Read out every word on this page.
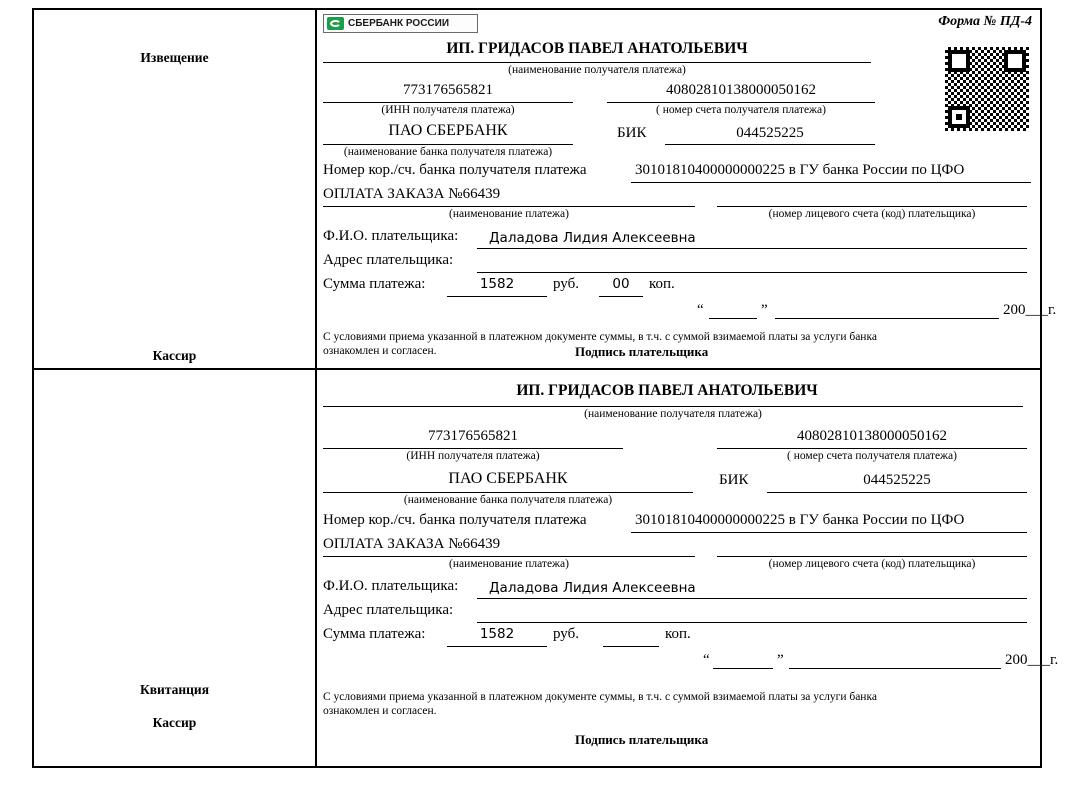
Извещение
Кассир
СБЕРБАНК РОССИИ	Форма № ПД-4
ИП. ГРИДАСОВ ПАВЕЛ АНАТОЛЬЕВИЧ
(наименование получателя платежа)
773176565821
(ИНН получателя платежа)
40802810138000050162
( номер счета получателя платежа)
ПАО СБЕРБАНК
(наименование банка получателя платежа)
БИК	044525225
Номер кор./сч. банка получателя платежа	30101810400000000225 в ГУ банка России по ЦФО
ОПЛАТА ЗАКАЗА №66439
(наименование платежа)	(номер лицевого счета (код) плательщика)
Ф.И.О. плательщика: Даладова Лидия Алексеевна
Адрес плательщика:
Сумма платежа:	1582	руб.	00	коп.
“	”	200___г.
С условиями приема указанной в платежном документе суммы, в т.ч. с суммой взимаемой платы за услуги банка
ознакомлен и согласен.	Подпись плательщика
Квитанция
Кассир
ИП. ГРИДАСОВ ПАВЕЛ АНАТОЛЬЕВИЧ
(наименование получателя платежа)
773176565821
(ИНН получателя платежа)
40802810138000050162
( номер счета получателя платежа)
ПАО СБЕРБАНК
(наименование банка получателя платежа)
БИК	044525225
Номер кор./сч. банка получателя платежа	30101810400000000225 в ГУ банка России по ЦФО
ОПЛАТА ЗАКАЗА №66439
(наименование платежа)	(номер лицевого счета (код) плательщика)
Ф.И.О. плательщика: Даладова Лидия Алексеевна
Адрес плательщика:
Сумма платежа:	1582	руб.	коп.
“	”	200___г.
С условиями приема указанной в платежном документе суммы, в т.ч. с суммой взимаемой платы за услуги банка
ознакомлен и согласен.
Подпись плательщика
